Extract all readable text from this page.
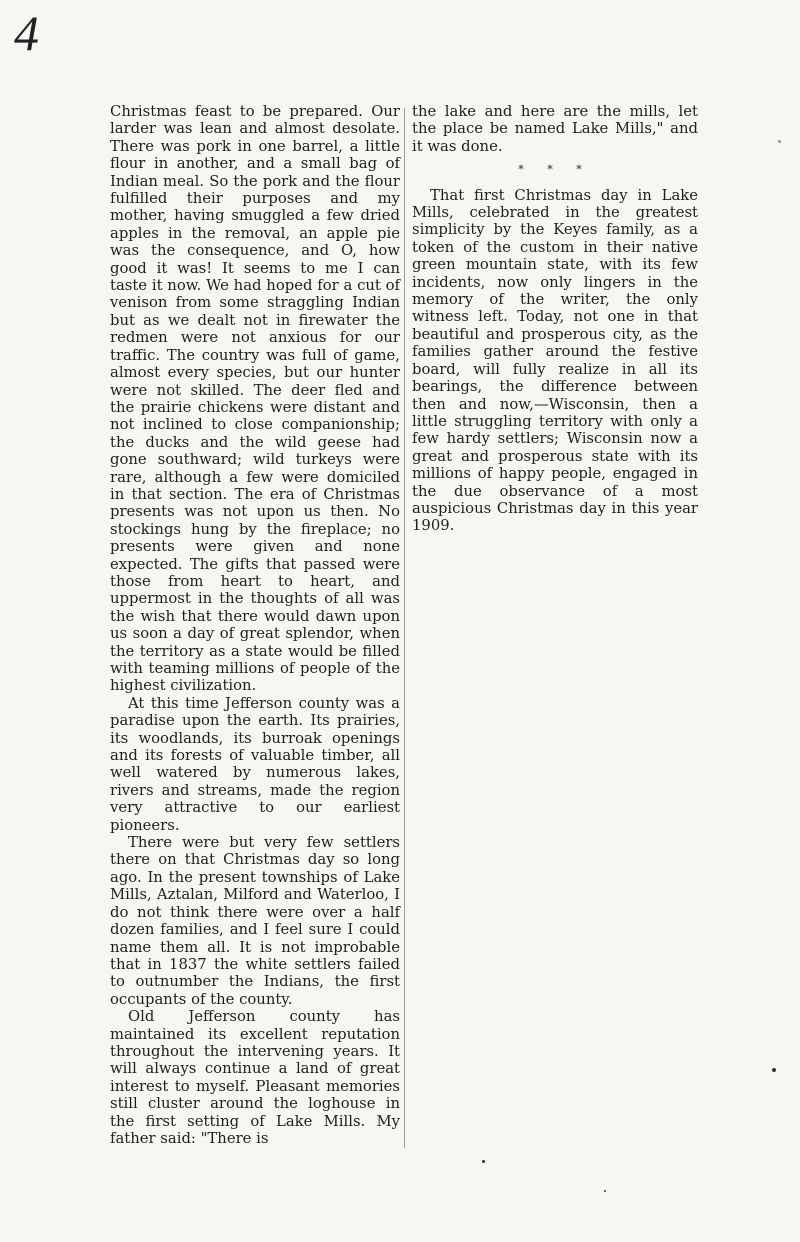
4

Christmas feast to be prepared. Our larder was lean and almost desolate. There was pork in one barrel, a little flour in another, and a small bag of Indian meal. So the pork and the flour fulfilled their purposes and my mother, having smuggled a few dried apples in the removal, an apple pie was the consequence, and O, how good it was! It seems to me I can taste it now. We had hoped for a cut of venison from some straggling Indian but as we dealt not in firewater the redmen were not anxious for our traffic. The country was full of game, almost every species, but our hunter were not skilled. The deer fled and the prairie chickens were distant and not inclined to close companionship; the ducks and the wild geese had gone southward; wild turkeys were rare, although a few were domiciled in that section. The era of Christmas presents was not upon us then. No stockings hung by the fireplace; no presents were given and none expected. The gifts that passed were those from heart to heart, and uppermost in the thoughts of all was the wish that there would dawn upon us soon a day of great splendor, when the territory as a state would be filled with teaming millions of people of the highest civilization.

At this time Jefferson county was a paradise upon the earth. Its prairies, its woodlands, its burroak openings and its forests of valuable timber, all well watered by numerous lakes, rivers and streams, made the region very attractive to our earliest pioneers.

There were but very few settlers there on that Christmas day so long ago. In the present townships of Lake Mills, Aztalan, Milford and Waterloo, I do not think there were over a half dozen families, and I feel sure I could name them all. It is not improbable that in 1837 the white settlers failed to outnumber the Indians, the first occupants of the county.

Old Jefferson county has maintained its excellent reputation throughout the intervening years. It will always continue a land of great interest to myself. Pleasant memories still cluster around the loghouse in the first setting of Lake Mills. My father said: "There is

the lake and here are the mills, let the place be named Lake Mills," and it was done.

* * *

That first Christmas day in Lake Mills, celebrated in the greatest simplicity by the Keyes family, as a token of the custom in their native green mountain state, with its few incidents, now only lingers in the memory of the writer, the only witness left. Today, not one in that beautiful and prosperous city, as the families gather around the festive board, will fully realize in all its bearings, the difference between then and now,—Wisconsin, then a little struggling territory with only a few hardy settlers; Wisconsin now a great and prosperous state with its millions of happy people, engaged in the due observance of a most auspicious Christmas day in this year 1909.
